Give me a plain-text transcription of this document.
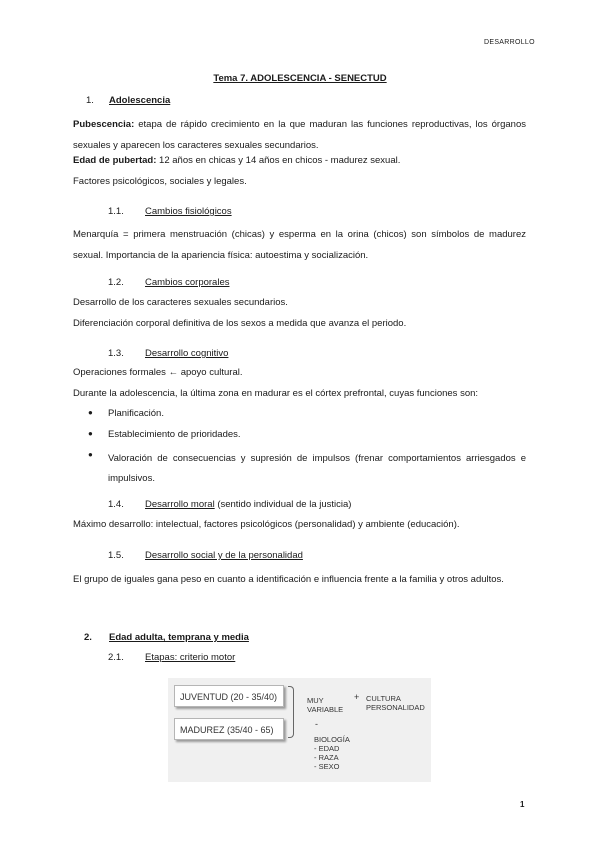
DESARROLLO
Tema 7. ADOLESCENCIA - SENECTUD
1. Adolescencia
Pubescencia: etapa de rápido crecimiento en la que maduran las funciones reproductivas, los órganos sexuales y aparecen los caracteres sexuales secundarios.
Edad de pubertad: 12 años en chicas y 14 años en chicos - madurez sexual.
Factores psicológicos, sociales y legales.
1.1. Cambios fisiológicos
Menarquía = primera menstruación (chicas) y esperma en la orina (chicos) son símbolos de madurez sexual. Importancia de la apariencia física: autoestima y socialización.
1.2. Cambios corporales
Desarrollo de los caracteres sexuales secundarios.
Diferenciación corporal definitiva de los sexos a medida que avanza el periodo.
1.3. Desarrollo cognitivo
Operaciones formales ← apoyo cultural.
Durante la adolescencia, la última zona en madurar es el córtex prefrontal, cuyas funciones son:
● Planificación.
● Establecimiento de prioridades.
● Valoración de consecuencias y supresión de impulsos (frenar comportamientos arriesgados e impulsivos.
1.4. Desarrollo moral (sentido individual de la justicia)
Máximo desarrollo: intelectual, factores psicológicos (personalidad) y ambiente (educación).
1.5. Desarrollo social y de la personalidad
El grupo de iguales gana peso en cuanto a identificación e influencia frente a la familia y otros adultos.
2. Edad adulta, temprana y media
2.1. Etapas: criterio motor
JUVENTUD (20 - 35/40)
MADUREZ (35/40 - 65)
MUY
VARIABLE
+ CULTURA
PERSONALIDAD
-
BIOLOGÍA
- EDAD
- RAZA
- SEXO
1
